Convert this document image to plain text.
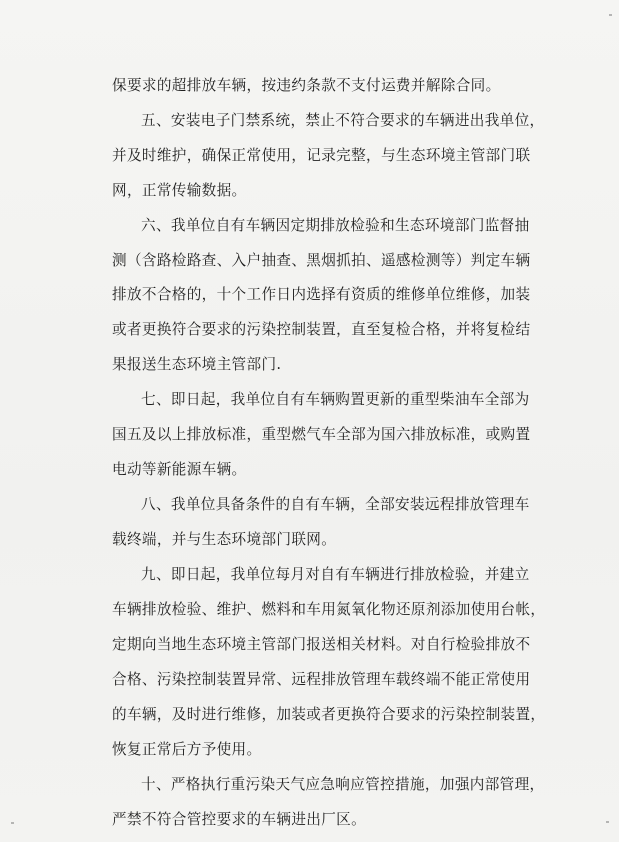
保要求的超排放车辆，按违约条款不支付运费并解除合同。
五、安装电子门禁系统，禁止不符合要求的车辆进出我单位，
并及时维护，确保正常使用，记录完整，与生态环境主管部门联
网，正常传输数据。
六、我单位自有车辆因定期排放检验和生态环境部门监督抽
测（含路检路查、入户抽查、黑烟抓拍、遥感检测等）判定车辆
排放不合格的，十个工作日内选择有资质的维修单位维修，加装
或者更换符合要求的污染控制装置，直至复检合格，并将复检结
果报送生态环境主管部门.
七、即日起，我单位自有车辆购置更新的重型柴油车全部为
国五及以上排放标准，重型燃气车全部为国六排放标准，或购置
电动等新能源车辆。
八、我单位具备条件的自有车辆，全部安装远程排放管理车
载终端，并与生态环境部门联网。
九、即日起，我单位每月对自有车辆进行排放检验，并建立
车辆排放检验、维护、燃料和车用氮氧化物还原剂添加使用台帐，
定期向当地生态环境主管部门报送相关材料。对自行检验排放不
合格、污染控制装置异常、远程排放管理车载终端不能正常使用
的车辆，及时进行维修，加装或者更换符合要求的污染控制装置，
恢复正常后方予使用。
十、严格执行重污染天气应急响应管控措施，加强内部管理，
严禁不符合管控要求的车辆进出厂区。
